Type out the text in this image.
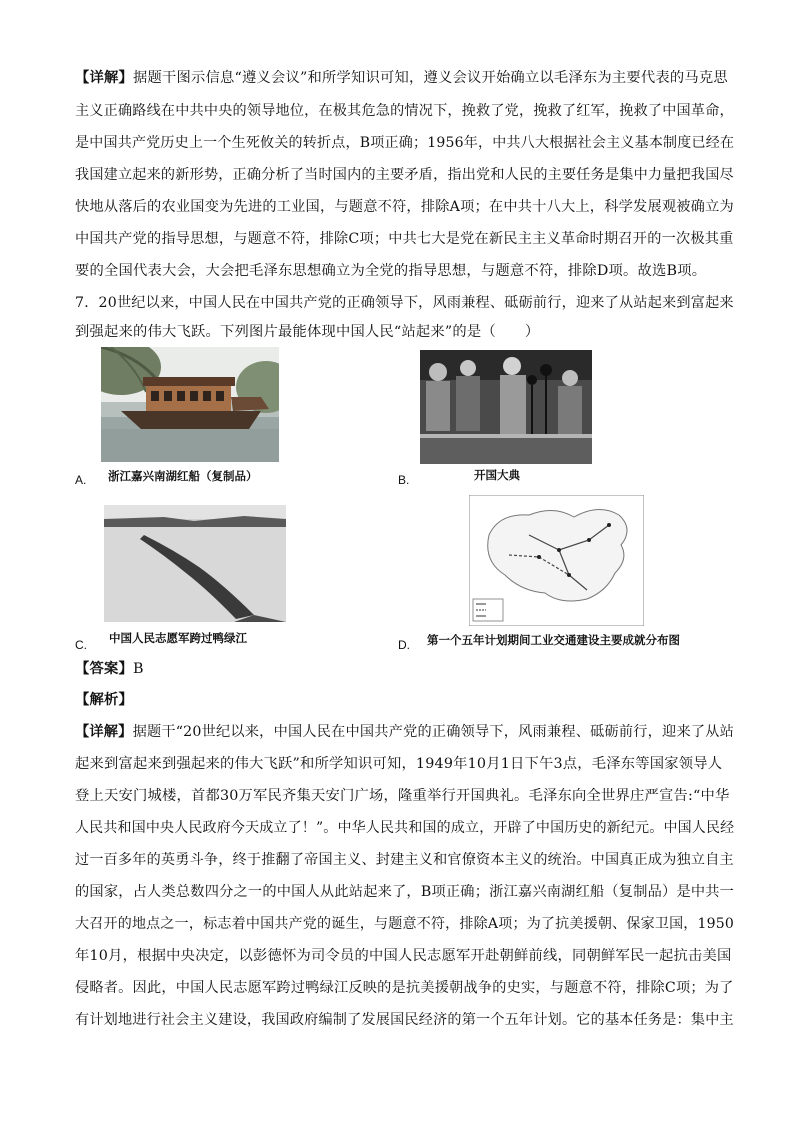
【详解】据题干图示信息“遵义会议”和所学知识可知，遵义会议开始确立以毛泽东为主要代表的马克思
主义正确路线在中共中央的领导地位，在极其危急的情况下，挽救了党，挽救了红军，挽救了中国革命，
是中国共产党历史上一个生死攸关的转折点，B项正确；1956年，中共八大根据社会主义基本制度已经在
我国建立起来的新形势，正确分析了当时国内的主要矛盾，指出党和人民的主要任务是集中力量把我国尽
快地从落后的农业国变为先进的工业国，与题意不符，排除A项；在中共十八大上，科学发展观被确立为
中国共产党的指导思想，与题意不符，排除C项；中共七大是党在新民主主义革命时期召开的一次极其重
要的全国代表大会，大会把毛泽东思想确立为全党的指导思想，与题意不符，排除D项。故选B项。
7．20世纪以来，中国人民在中国共产党的正确领导下，风雨兼程、砥砺前行，迎来了从站起来到富起来
到强起来的伟大飞跃。下列图片最能体现中国人民“站起来”的是（　　）
浙江嘉兴南湖红船（复制品）
A.	开国大典
B.
中国人民志愿军跨过鸭绿江
C.	第一个五年计划期间工业交通建设主要成就分布图
D.
【答案】B
【解析】
【详解】据题干“20世纪以来，中国人民在中国共产党的正确领导下，风雨兼程、砥砺前行，迎来了从站
起来到富起来到强起来的伟大飞跃”和所学知识可知，1949年10月1日下午3点，毛泽东等国家领导人
登上天安门城楼，首都30万军民齐集天安门广场，隆重举行开国典礼。毛泽东向全世界庄严宣告:“中华
人民共和国中央人民政府今天成立了！”。中华人民共和国的成立，开辟了中国历史的新纪元。中国人民经
过一百多年的英勇斗争，终于推翻了帝国主义、封建主义和官僚资本主义的统治。中国真正成为独立自主
的国家，占人类总数四分之一的中国人从此站起来了，B项正确；浙江嘉兴南湖红船（复制品）是中共一
大召开的地点之一，标志着中国共产党的诞生，与题意不符，排除A项；为了抗美援朝、保家卫国，1950
年10月，根据中央决定，以彭德怀为司令员的中国人民志愿军开赴朝鲜前线，同朝鲜军民一起抗击美国
侵略者。因此，中国人民志愿军跨过鸭绿江反映的是抗美援朝战争的史实，与题意不符，排除C项；为了
有计划地进行社会主义建设，我国政府编制了发展国民经济的第一个五年计划。它的基本任务是：集中主
